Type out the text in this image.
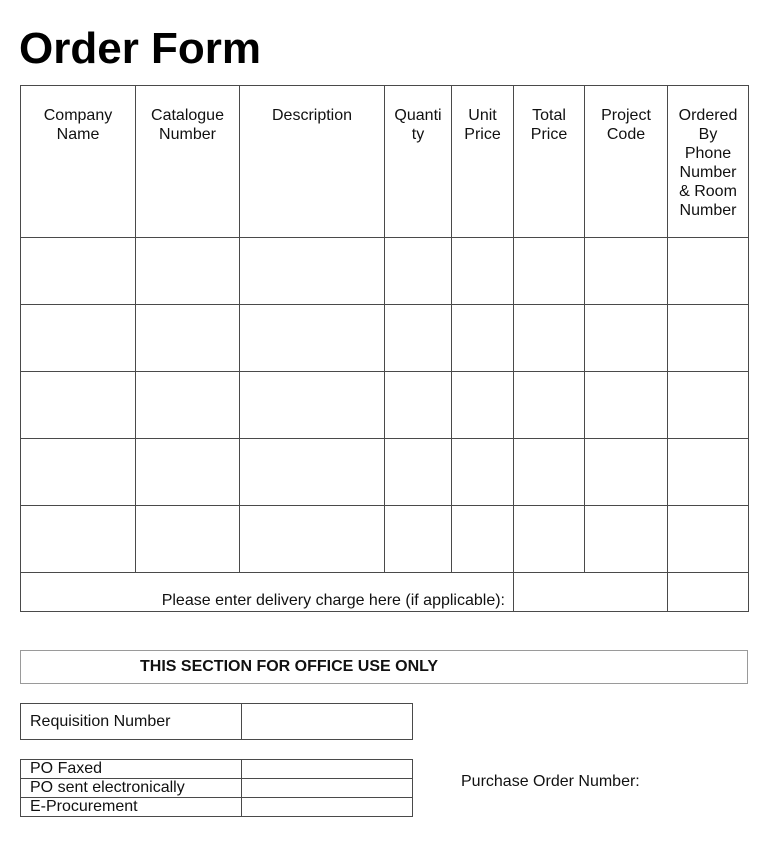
Order Form
Company Name	Catalogue Number	Description	Quanti ty	Unit Price	Total Price	Project Code	Ordered By Phone Number & Room Number

Please enter delivery charge here (if applicable):							
THIS SECTION FOR OFFICE USE ONLY
Requisition Number	
PO Faxed	
PO sent electronically	
E-Procurement	
Purchase Order Number:
